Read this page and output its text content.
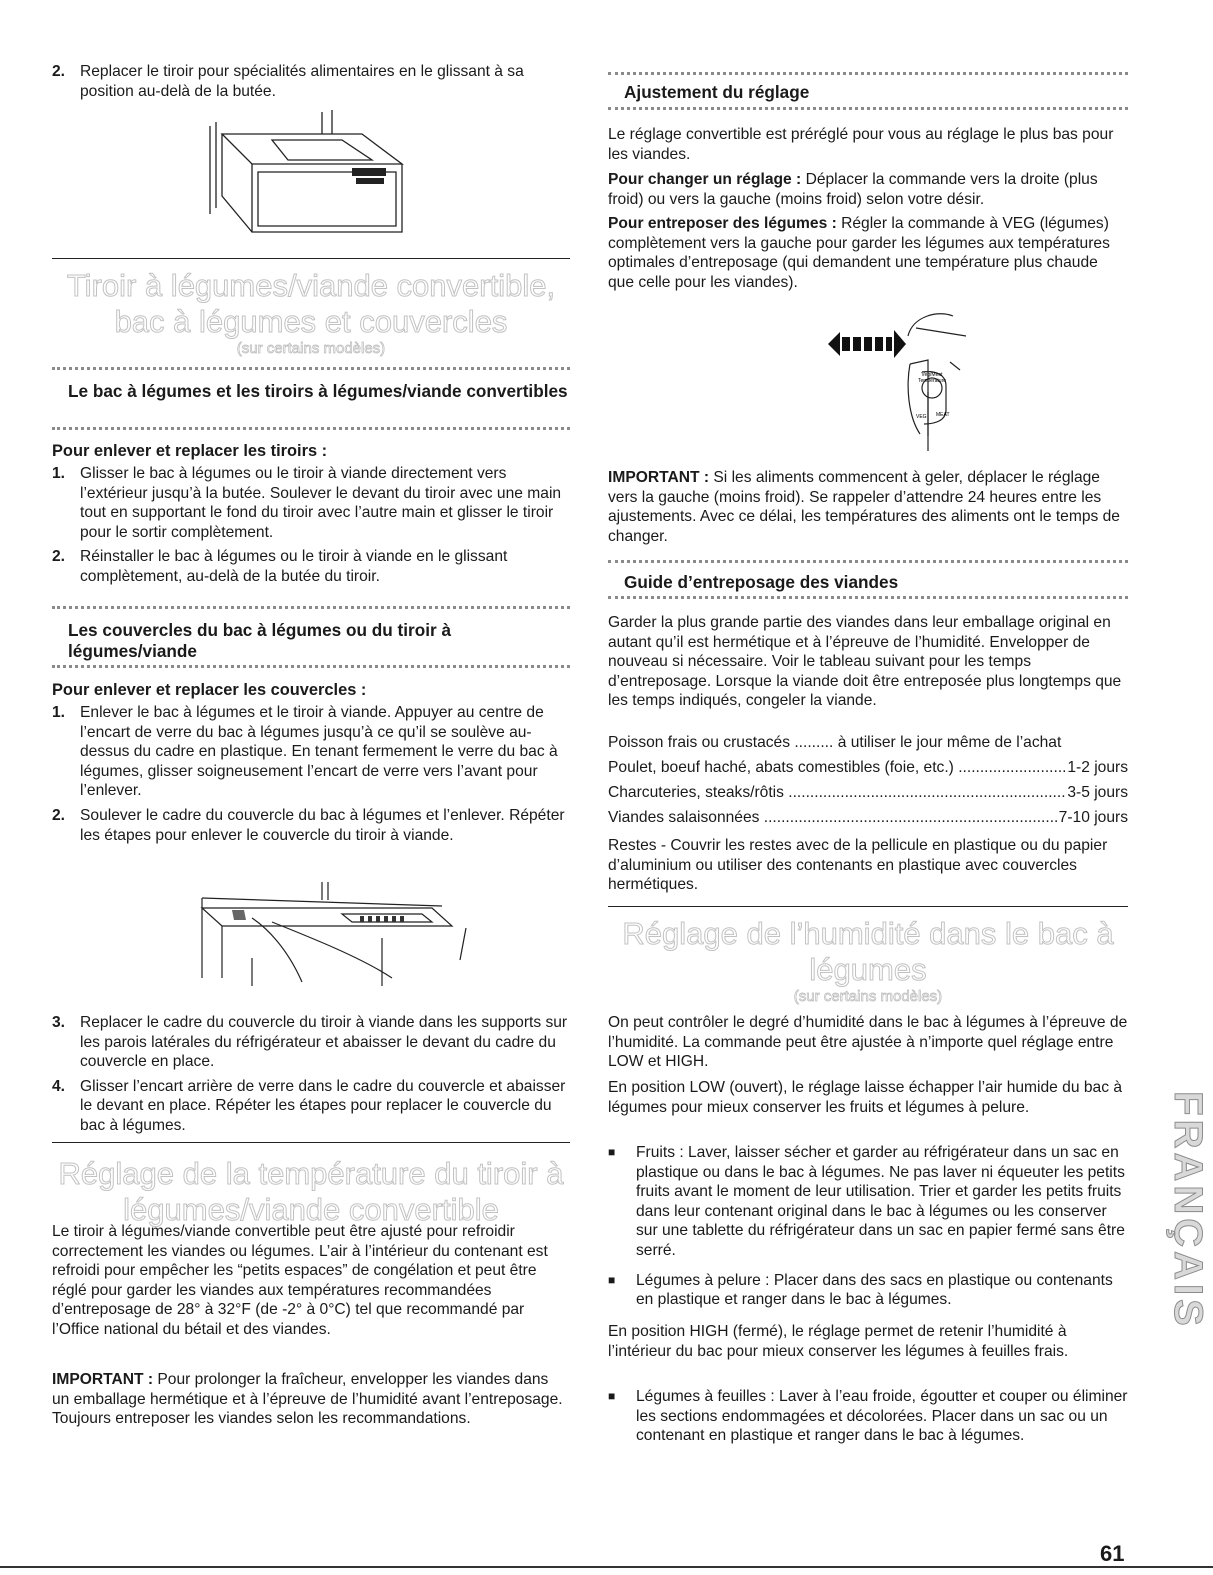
2. Replacer le tiroir pour spécialités alimentaires en le glissant à sa position au-delà de la butée.
Tiroir à légumes/viande convertible, bac à légumes et couvercles
(sur certains modèles)
Le bac à légumes et les tiroirs à légumes/viande convertibles
Pour enlever et replacer les tiroirs :
1. Glisser le bac à légumes ou le tiroir à viande directement vers l’extérieur jusqu’à la butée. Soulever le devant du tiroir avec une main tout en supportant le fond du tiroir avec l’autre main et glisser le tiroir pour le sortir complètement.
2. Réinstaller le bac à légumes ou le tiroir à viande en le glissant complètement, au-delà de la butée du tiroir.
Les couvercles du bac à légumes ou du tiroir à légumes/viande
Pour enlever et replacer les couvercles :
1. Enlever le bac à légumes et le tiroir à viande. Appuyer au centre de l’encart de verre du bac à légumes jusqu’à ce qu’il se soulève au-dessus du cadre en plastique. En tenant fermement le verre du bac à légumes, glisser soigneusement l’encart de verre vers l’avant pour l’enlever.
2. Soulever le cadre du couvercle du bac à légumes et l’enlever. Répéter les étapes pour enlever le couvercle du tiroir à viande.
3. Replacer le cadre du couvercle du tiroir à viande dans les supports sur les parois latérales du réfrigérateur et abaisser le devant du cadre du couvercle en place.
4. Glisser l’encart arrière de verre dans le cadre du couvercle et abaisser le devant en place. Répéter les étapes pour replacer le couvercle du bac à légumes.
Réglage de la température du tiroir à légumes/viande convertible

Le tiroir à légumes/viande convertible peut être ajusté pour refroidir correctement les viandes ou légumes. L’air à l’intérieur du contenant est refroidi pour empêcher les “petits espaces” de congélation et peut être réglé pour garder les viandes aux températures recommandées d’entreposage de 28° à 32°F (de -2° à 0°C) tel que recommandé par l’Office national du bétail et des viandes.

IMPORTANT : Pour prolonger la fraîcheur, envelopper les viandes dans un emballage hermétique et à l’épreuve de l’humidité avant l’entreposage. Toujours entreposer les viandes selon les recommandations.

Ajustement du réglage

Le réglage convertible est préréglé pour vous au réglage le plus bas pour les viandes.

Pour changer un réglage : Déplacer la commande vers la droite (plus froid) ou vers la gauche (moins froid) selon votre désir.

Pour entreposer des légumes : Régler la commande à VEG (légumes) complètement vers la gauche pour garder les légumes aux températures optimales d’entreposage (qui demandent une température plus chaude que celle pour les viandes).

Veg/Meat
Temperature
VEG MEAT

IMPORTANT : Si les aliments commencent à geler, déplacer le réglage vers la gauche (moins froid). Se rappeler d’attendre 24 heures entre les ajustements. Avec ce délai, les températures des aliments ont le temps de changer.

Guide d’entreposage des viandes

Garder la plus grande partie des viandes dans leur emballage original en autant qu’il est hermétique et à l’épreuve de l’humidité. Envelopper de nouveau si nécessaire. Voir le tableau suivant pour les temps d’entreposage. Lorsque la viande doit être entreposée plus longtemps que les temps indiqués, congeler la viande.

Poisson frais ou crustacés ......... à utiliser le jour même de l’achat
Poulet, boeuf haché, abats comestibles (foie, etc.) .....	1-2 jours
Charcuteries, steaks/rôtis .....	3-5 jours
Viandes salaisonnées .....	7-10 jours

Restes - Couvrir les restes avec de la pellicule en plastique ou du papier d’aluminium ou utiliser des contenants en plastique avec couvercles hermétiques.

Réglage de l’humidité dans le bac à légumes
(sur certains modèles)

On peut contrôler le degré d’humidité dans le bac à légumes à l’épreuve de l’humidité. La commande peut être ajustée à n’importe quel réglage entre LOW et HIGH.

En position LOW (ouvert), le réglage laisse échapper l’air humide du bac à légumes pour mieux conserver les fruits et légumes à pelure.

■ Fruits : Laver, laisser sécher et garder au réfrigérateur dans un sac en plastique ou dans le bac à légumes. Ne pas laver ni équeuter les petits fruits avant le moment de leur utilisation. Trier et garder les petits fruits dans leur contenant original dans le bac à légumes ou les conserver sur une tablette du réfrigérateur dans un sac en papier fermé sans être serré.
■ Légumes à pelure : Placer dans des sacs en plastique ou contenants en plastique et ranger dans le bac à légumes.

En position HIGH (fermé), le réglage permet de retenir l’humidité à l’intérieur du bac pour mieux conserver les légumes à feuilles frais.

■ Légumes à feuilles : Laver à l’eau froide, égoutter et couper ou éliminer les sections endommagées et décolorées. Placer dans un sac ou un contenant en plastique et ranger dans le bac à légumes.
FRANÇAIS
61
